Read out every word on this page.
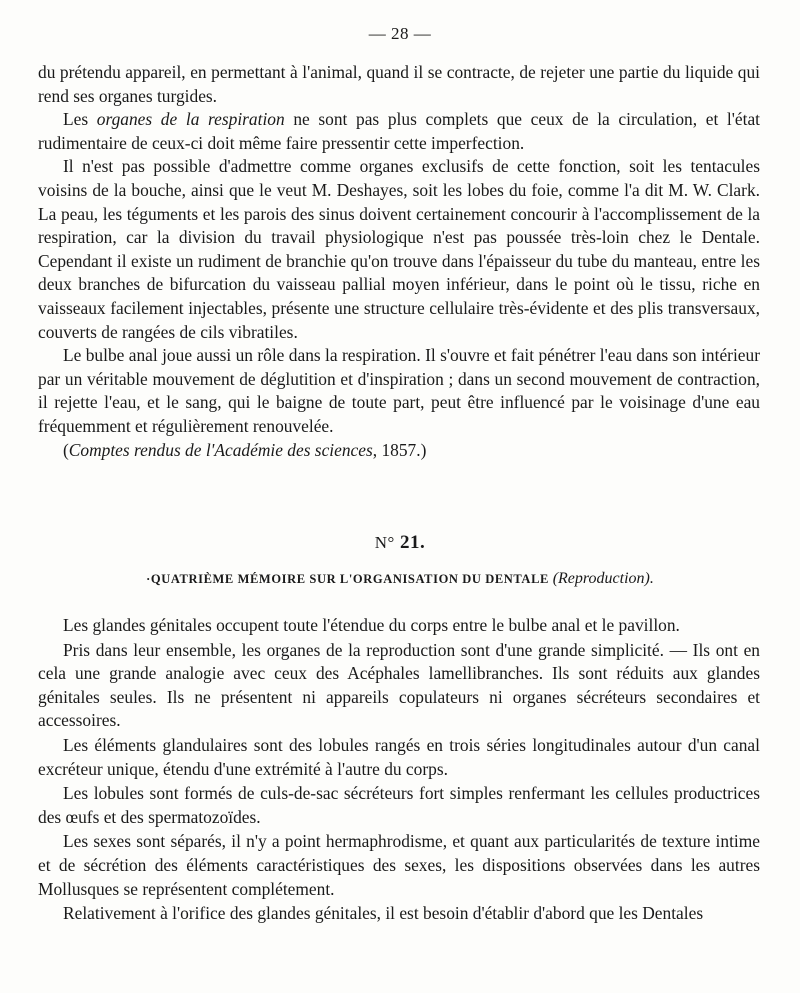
— 28 —

du prétendu appareil, en permettant à l'animal, quand il se contracte, de rejeter une partie du liquide qui rend ses organes turgides.

Les organes de la respiration ne sont pas plus complets que ceux de la circulation, et l'état rudimentaire de ceux-ci doit même faire pressentir cette imperfection.

Il n'est pas possible d'admettre comme organes exclusifs de cette fonction, soit les tentacules voisins de la bouche, ainsi que le veut M. Deshayes, soit les lobes du foie, comme l'a dit M. W. Clark. La peau, les téguments et les parois des sinus doivent certainement concourir à l'accomplissement de la respiration, car la division du travail physiologique n'est pas poussée très-loin chez le Dentale. Cependant il existe un rudiment de branchie qu'on trouve dans l'épaisseur du tube du manteau, entre les deux branches de bifurcation du vaisseau pallial moyen inférieur, dans le point où le tissu, riche en vaisseaux facilement injectables, présente une structure cellulaire très-évidente et des plis transversaux, couverts de rangées de cils vibratiles.

Le bulbe anal joue aussi un rôle dans la respiration. Il s'ouvre et fait pénétrer l'eau dans son intérieur par un véritable mouvement de déglutition et d'inspiration ; dans un second mouvement de contraction, il rejette l'eau, et le sang, qui le baigne de toute part, peut être influencé par le voisinage d'une eau fréquemment et régulièrement renouvelée.

(Comptes rendus de l'Académie des sciences, 1857.)

N° 21.
·QUATRIÈME MÉMOIRE SUR L'ORGANISATION DU DENTALE (Reproduction).

Les glandes génitales occupent toute l'étendue du corps entre le bulbe anal et le pavillon.

Pris dans leur ensemble, les organes de la reproduction sont d'une grande simplicité. — Ils ont en cela une grande analogie avec ceux des Acéphales lamellibranches. Ils sont réduits aux glandes génitales seules. Ils ne présentent ni appareils copulateurs ni organes sécréteurs secondaires et accessoires.

Les éléments glandulaires sont des lobules rangés en trois séries longitudinales autour d'un canal excréteur unique, étendu d'une extrémité à l'autre du corps.

Les lobules sont formés de culs-de-sac sécréteurs fort simples renfermant les cellules productrices des œufs et des spermatozoïdes.

Les sexes sont séparés, il n'y a point hermaphrodisme, et quant aux particularités de texture intime et de sécrétion des éléments caractéristiques des sexes, les dispositions observées dans les autres Mollusques se représentent complétement.

Relativement à l'orifice des glandes génitales, il est besoin d'établir d'abord que les Dentales
